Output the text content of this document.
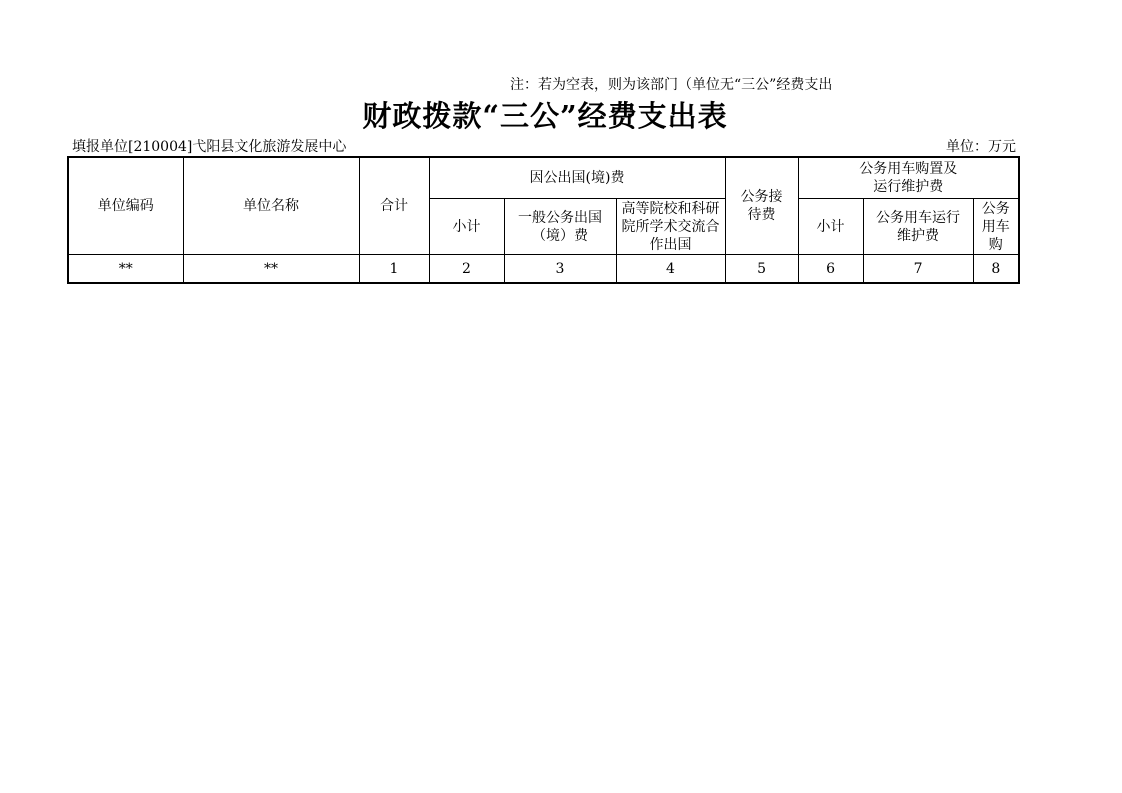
注：若为空表，则为该部门（单位无“三公”经费支出
财政拨款“三公”经费支出表
填报单位[210004]弋阳县文化旅游发展中心	单位：万元
单位编码	单位名称	合计	因公出国(境)费			公务接待费	公务用车购置及运行维护费		

			小计	一般公务出国（境）费	高等院校和科研院所学术交流合作出国		小计	公务用车运行维护费	公务用车购

**	**	1	2	3	4	5	6	7	8
